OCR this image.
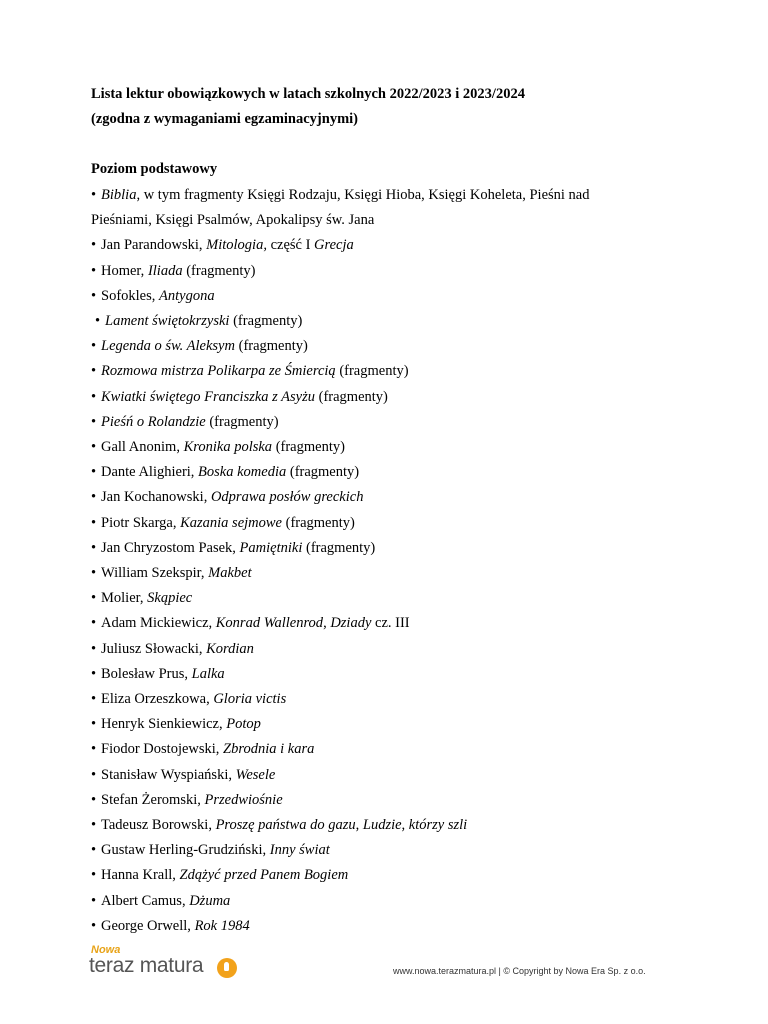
Lista lektur obowiązkowych w latach szkolnych 2022/2023 i 2023/2024
(zgodna z wymaganiami egzaminacyjnymi)
Poziom podstawowy
• Biblia, w tym fragmenty Księgi Rodzaju, Księgi Hioba, Księgi Koheleta, Pieśni nad
Pieśniami, Księgi Psalmów, Apokalipsy św. Jana
• Jan Parandowski, Mitologia, część I Grecja
• Homer, Iliada (fragmenty)
• Sofokles, Antygona
• Lament świętokrzyski (fragmenty)
• Legenda o św. Aleksym (fragmenty)
• Rozmowa mistrza Polikarpa ze Śmiercią (fragmenty)
• Kwiatki świętego Franciszka z Asyżu (fragmenty)
• Pieśń o Rolandzie (fragmenty)
• Gall Anonim, Kronika polska (fragmenty)
• Dante Alighieri, Boska komedia (fragmenty)
• Jan Kochanowski, Odprawa posłów greckich
• Piotr Skarga, Kazania sejmowe (fragmenty)
• Jan Chryzostom Pasek, Pamiętniki (fragmenty)
• William Szekspir, Makbet
• Molier, Skąpiec
• Adam Mickiewicz, Konrad Wallenrod, Dziady cz. III
• Juliusz Słowacki, Kordian
• Bolesław Prus, Lalka
• Eliza Orzeszkowa, Gloria victis
• Henryk Sienkiewicz, Potop
• Fiodor Dostojewski, Zbrodnia i kara
• Stanisław Wyspiański, Wesele
• Stefan Żeromski, Przedwiośnie
• Tadeusz Borowski, Proszę państwa do gazu, Ludzie, którzy szli
• Gustaw Herling-Grudziński, Inny świat
• Hanna Krall, Zdążyć przed Panem Bogiem
• Albert Camus, Dżuma
• George Orwell, Rok 1984
Nowa
teraz matura	www.nowa.terazmatura.pl | © Copyright by Nowa Era Sp. z o.o.
